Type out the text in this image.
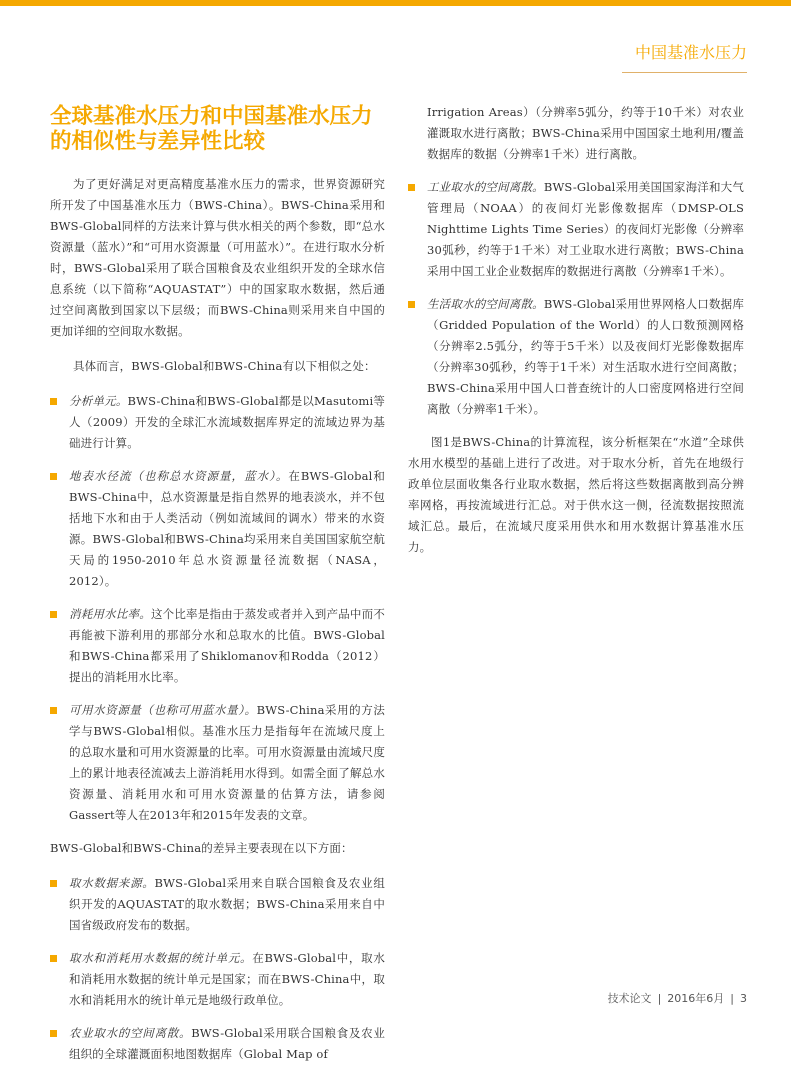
中国基准水压力
全球基准水压力和中国基准水压力的相似性与差异性比较

为了更好满足对更高精度基准水压力的需求，世界资源研究所开发了中国基准水压力（BWS-China）。BWS-China采用和BWS-Global同样的方法来计算与供水相关的两个参数，即“总水资源量（蓝水）”和“可用水资源量（可用蓝水）”。在进行取水分析时，BWS-Global采用了联合国粮食及农业组织开发的全球水信息系统（以下简称“AQUASTAT”）中的国家取水数据，然后通过空间离散到国家以下层级；而BWS-China则采用来自中国的更加详细的空间取水数据。

具体而言，BWS-Global和BWS-China有以下相似之处：

分析单元。BWS-China和BWS-Global都是以Masutomi等人（2009）开发的全球汇水流域数据库界定的流域边界为基础进行计算。
地表水径流（也称总水资源量，蓝水）。在BWS-Global和BWS-China中，总水资源量是指自然界的地表淡水，并不包括地下水和由于人类活动（例如流域间的调水）带来的水资源。BWS-Global和BWS-China均采用来自美国国家航空航天局的1950-2010年总水资源量径流数据（NASA，2012）。
消耗用水比率。这个比率是指由于蒸发或者并入到产品中而不再能被下游利用的那部分水和总取水的比值。BWS-Global和BWS-China都采用了Shiklomanov和Rodda（2012）提出的消耗用水比率。
可用水资源量（也称可用蓝水量）。BWS-China采用的方法学与BWS-Global相似。基准水压力是指每年在流域尺度上的总取水量和可用水资源量的比率。可用水资源量由流域尺度上的累计地表径流减去上游消耗用水得到。如需全面了解总水资源量、消耗用水和可用水资源量的估算方法，请参阅Gassert等人在2013年和2015年发表的文章。

BWS-Global和BWS-China的差异主要表现在以下方面：

取水数据来源。BWS-Global采用来自联合国粮食及农业组织开发的AQUASTAT的取水数据；BWS-China采用来自中国省级政府发布的数据。
取水和消耗用水数据的统计单元。在BWS-Global中，取水和消耗用水数据的统计单元是国家；而在BWS-China中，取水和消耗用水的统计单元是地级行政单位。
农业取水的空间离散。BWS-Global采用联合国粮食及农业组织的全球灌溉面积地图数据库（Global Map of

Irrigation Areas）（分辨率5弧分，约等于10千米）对农业灌溉取水进行离散；BWS-China采用中国国家土地利用/覆盖数据库的数据（分辨率1千米）进行离散。

工业取水的空间离散。BWS-Global采用美国国家海洋和大气管理局（NOAA）的夜间灯光影像数据库（DMSP-OLS Nighttime Lights Time Series）的夜间灯光影像（分辨率30弧秒，约等于1千米）对工业取水进行离散；BWS-China采用中国工业企业数据库的数据进行离散（分辨率1千米）。
生活取水的空间离散。BWS-Global采用世界网格人口数据库（Gridded Population of the World）的人口数预测网格（分辨率2.5弧分，约等于5千米）以及夜间灯光影像数据库（分辨率30弧秒，约等于1千米）对生活取水进行空间离散；BWS-China采用中国人口普查统计的人口密度网格进行空间离散（分辨率1千米）。

图1是BWS-China的计算流程，该分析框架在“水道”全球供水用水模型的基础上进行了改进。对于取水分析，首先在地级行政单位层面收集各行业取水数据，然后将这些数据离散到高分辨率网格，再按流域进行汇总。对于供水这一侧，径流数据按照流域汇总。最后，在流域尺度采用供水和用水数据计算基准水压力。

技术论文 | 2016年6月 | 3
